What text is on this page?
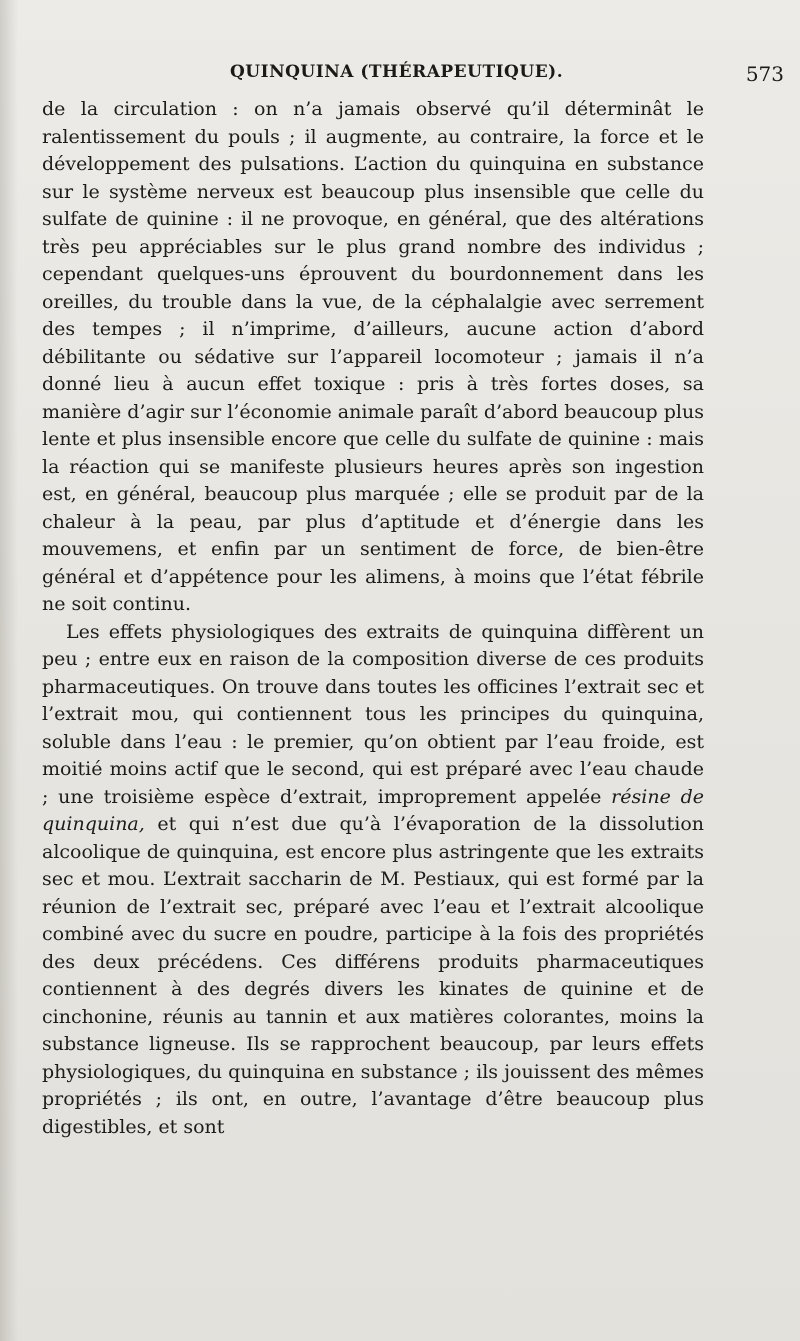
QUINQUINA (THÉRAPEUTIQUE).	573

de la circulation : on n’a jamais observé qu’il déterminât le ralentissement du pouls ; il augmente, au contraire, la force et le développement des pulsations. L’action du quinquina en substance sur le système nerveux est beaucoup plus insensible que celle du sulfate de quinine : il ne provoque, en général, que des altérations très peu appréciables sur le plus grand nombre des individus ; cependant quelques-uns éprouvent du bourdonnement dans les oreilles, du trouble dans la vue, de la céphalalgie avec serrement des tempes ; il n’imprime, d’ailleurs, aucune action d’abord débilitante ou sédative sur l’appareil locomoteur ; jamais il n’a donné lieu à aucun effet toxique : pris à très fortes doses, sa manière d’agir sur l’économie animale paraît d’abord beaucoup plus lente et plus insensible encore que celle du sulfate de quinine : mais la réaction qui se manifeste plusieurs heures après son ingestion est, en général, beaucoup plus marquée ; elle se produit par de la chaleur à la peau, par plus d’aptitude et d’énergie dans les mouvemens, et enfin par un sentiment de force, de bien-être général et d’appétence pour les alimens, à moins que l’état fébrile ne soit continu.

Les effets physiologiques des extraits de quinquina diffèrent un peu ; entre eux en raison de la composition diverse de ces produits pharmaceutiques. On trouve dans toutes les officines l’extrait sec et l’extrait mou, qui contiennent tous les principes du quinquina, soluble dans l’eau : le premier, qu’on obtient par l’eau froide, est moitié moins actif que le second, qui est préparé avec l’eau chaude ; une troisième espèce d’extrait, improprement appelée résine de quinquina, et qui n’est due qu’à l’évaporation de la dissolution alcoolique de quinquina, est encore plus astringente que les extraits sec et mou. L’extrait saccharin de M. Pestiaux, qui est formé par la réunion de l’extrait sec, préparé avec l’eau et l’extrait alcoolique combiné avec du sucre en poudre, participe à la fois des propriétés des deux précédens. Ces différens produits pharmaceutiques contiennent à des degrés divers les kinates de quinine et de cinchonine, réunis au tannin et aux matières colorantes, moins la substance ligneuse. Ils se rapprochent beaucoup, par leurs effets physiologiques, du quinquina en substance ; ils jouissent des mêmes propriétés ; ils ont, en outre, l’avantage d’être beaucoup plus digestibles, et sont
